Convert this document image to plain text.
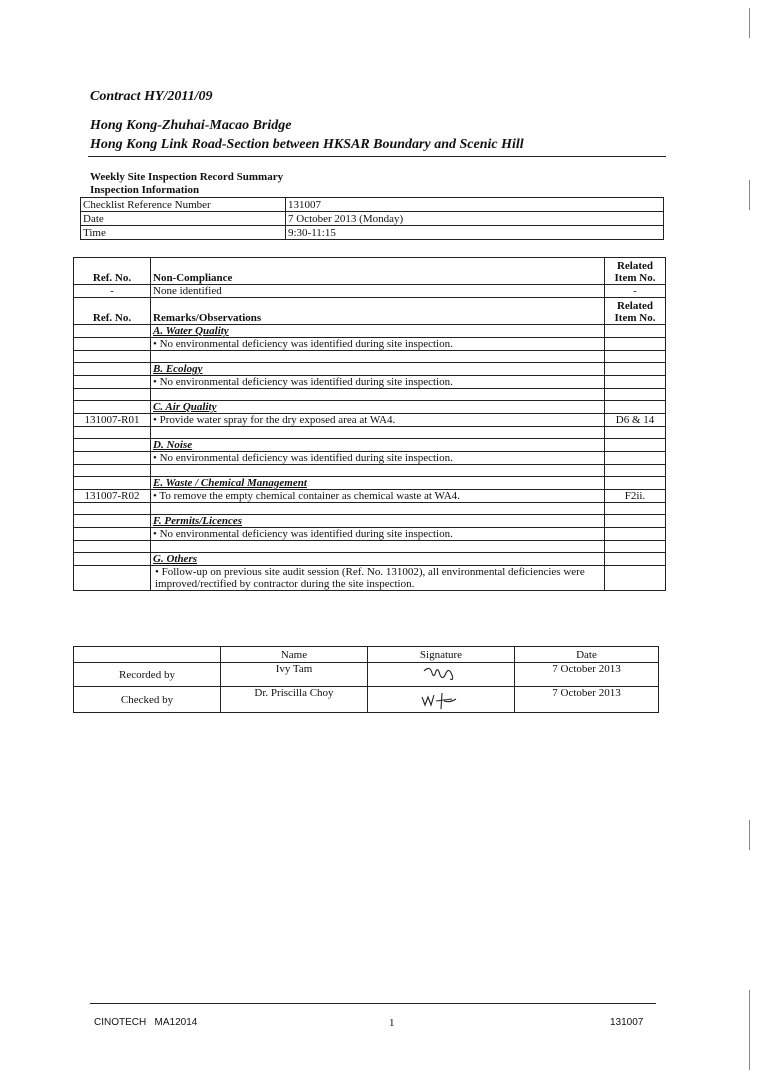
Contract HY/2011/09
Hong Kong-Zhuhai-Macao Bridge
Hong Kong Link Road-Section between HKSAR Boundary and Scenic Hill
Weekly Site Inspection Record Summary
Inspection Information
Checklist Reference Number	131007
Date	7 October 2013 (Monday)
Time	9:30-11:15
Ref. No.	Non-Compliance	Related Item No.
-	None identified	-
Ref. No.	Remarks/Observations	Related Item No.
	A. Water Quality	
	• No environmental deficiency was identified during site inspection.	

	B. Ecology	
	• No environmental deficiency was identified during site inspection.	

	C. Air Quality	
131007-R01	• Provide water spray for the dry exposed area at WA4.	D6 & 14

	D. Noise	
	• No environmental deficiency was identified during site inspection.	

	E. Waste / Chemical Management	
131007-R02	• To remove the empty chemical container as chemical waste at WA4.	F2ii.

	F. Permits/Licences	
	• No environmental deficiency was identified during site inspection.	

	G. Others	
	• Follow-up on previous site audit session (Ref. No. 131002), all environmental deficiencies were improved/rectified by contractor during the site inspection.	
	Name	Signature	Date
Recorded by	Ivy Tam		7 October 2013
Checked by	Dr. Priscilla Choy		7 October 2013
CINOTECH   MA12014	1	131007
